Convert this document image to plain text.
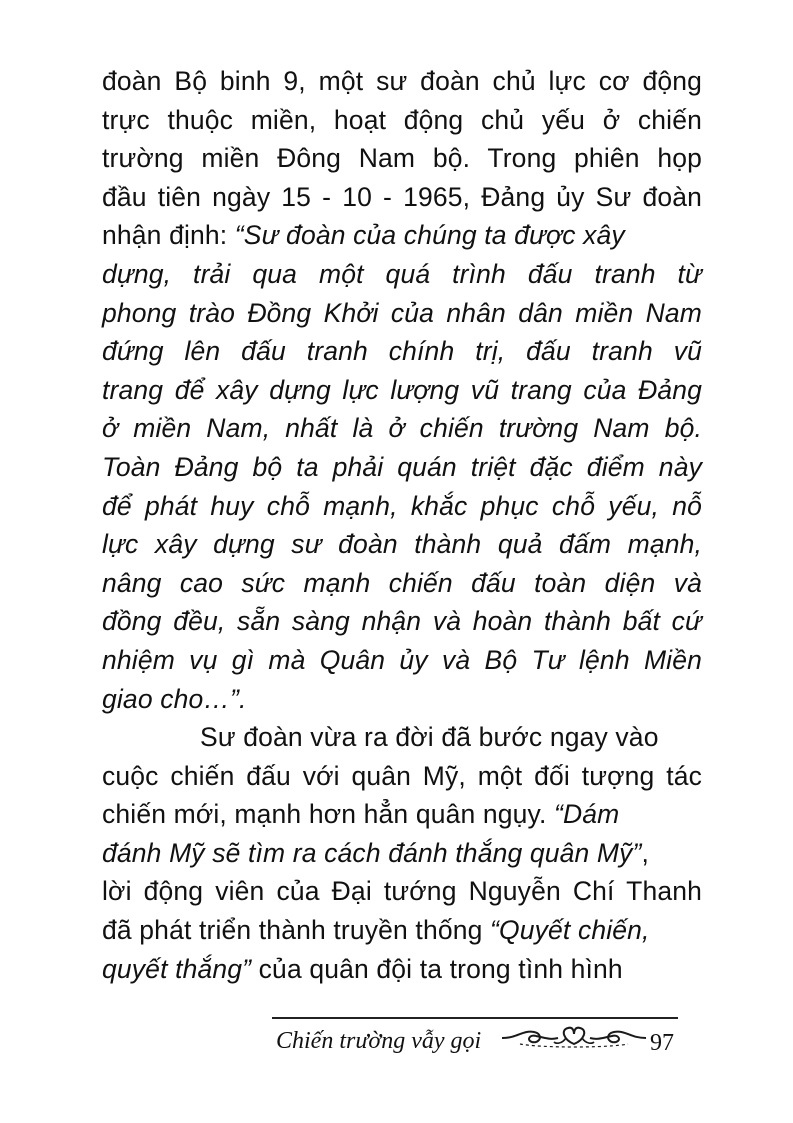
đoàn Bộ binh 9, một sư đoàn chủ lực cơ động
trực thuộc miền, hoạt động chủ yếu ở chiến
trường miền Đông Nam bộ. Trong phiên họp
đầu tiên ngày 15 - 10 - 1965, Đảng ủy Sư đoàn
nhận định: “Sư đoàn của chúng ta được xây
dựng, trải qua một quá trình đấu tranh từ
phong trào Đồng Khởi của nhân dân miền Nam
đứng lên đấu tranh chính trị, đấu tranh vũ
trang để xây dựng lực lượng vũ trang của Đảng
ở miền Nam, nhất là ở chiến trường Nam bộ.
Toàn Đảng bộ ta phải quán triệt đặc điểm này
để phát huy chỗ mạnh, khắc phục chỗ yếu, nỗ
lực xây dựng sư đoàn thành quả đấm mạnh,
nâng cao sức mạnh chiến đấu toàn diện và
đồng đều, sẵn sàng nhận và hoàn thành bất cứ
nhiệm vụ gì mà Quân ủy và Bộ Tư lệnh Miền
giao cho…”.
Sư đoàn vừa ra đời đã bước ngay vào
cuộc chiến đấu với quân Mỹ, một đối tượng tác
chiến mới, mạnh hơn hẳn quân ngụy. “Dám
đánh Mỹ sẽ tìm ra cách đánh thắng quân Mỹ”,
lời động viên của Đại tướng Nguyễn Chí Thanh
đã phát triển thành truyền thống “Quyết chiến,
quyết thắng” của quân đội ta trong tình hình
Chiến trường vẫy gọi	97
